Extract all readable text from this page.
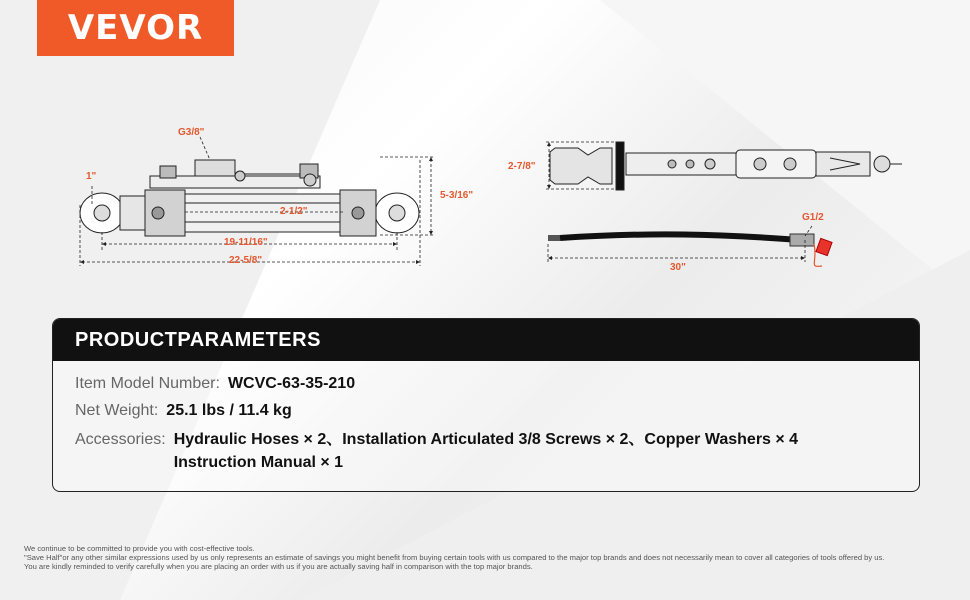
VEVOR
G3/8"
1"
2-1/2"
5-3/16"
19-11/16"
22-5/8"
2-7/8"
G1/2
30"
PRODUCTPARAMETERS
Item Model Number: WCVC-63-35-210
Net Weight: 25.1 lbs / 11.4 kg
Accessories: Hydraulic Hoses × 2、Installation Articulated 3/8 Screws × 2、Copper Washers × 4
Instruction Manual × 1
We continue to be committed to provide you with cost-effective tools.
"Save Half"or any other similar expressions used by us only represents an estimate of savings you might benefit from buying certain tools with us compared to the major top brands and does not necessarily mean to cover all categories of tools offered by us.
You are kindly reminded to verify carefully when you are placing an order with us if you are actually saving half in comparison with the top major brands.
